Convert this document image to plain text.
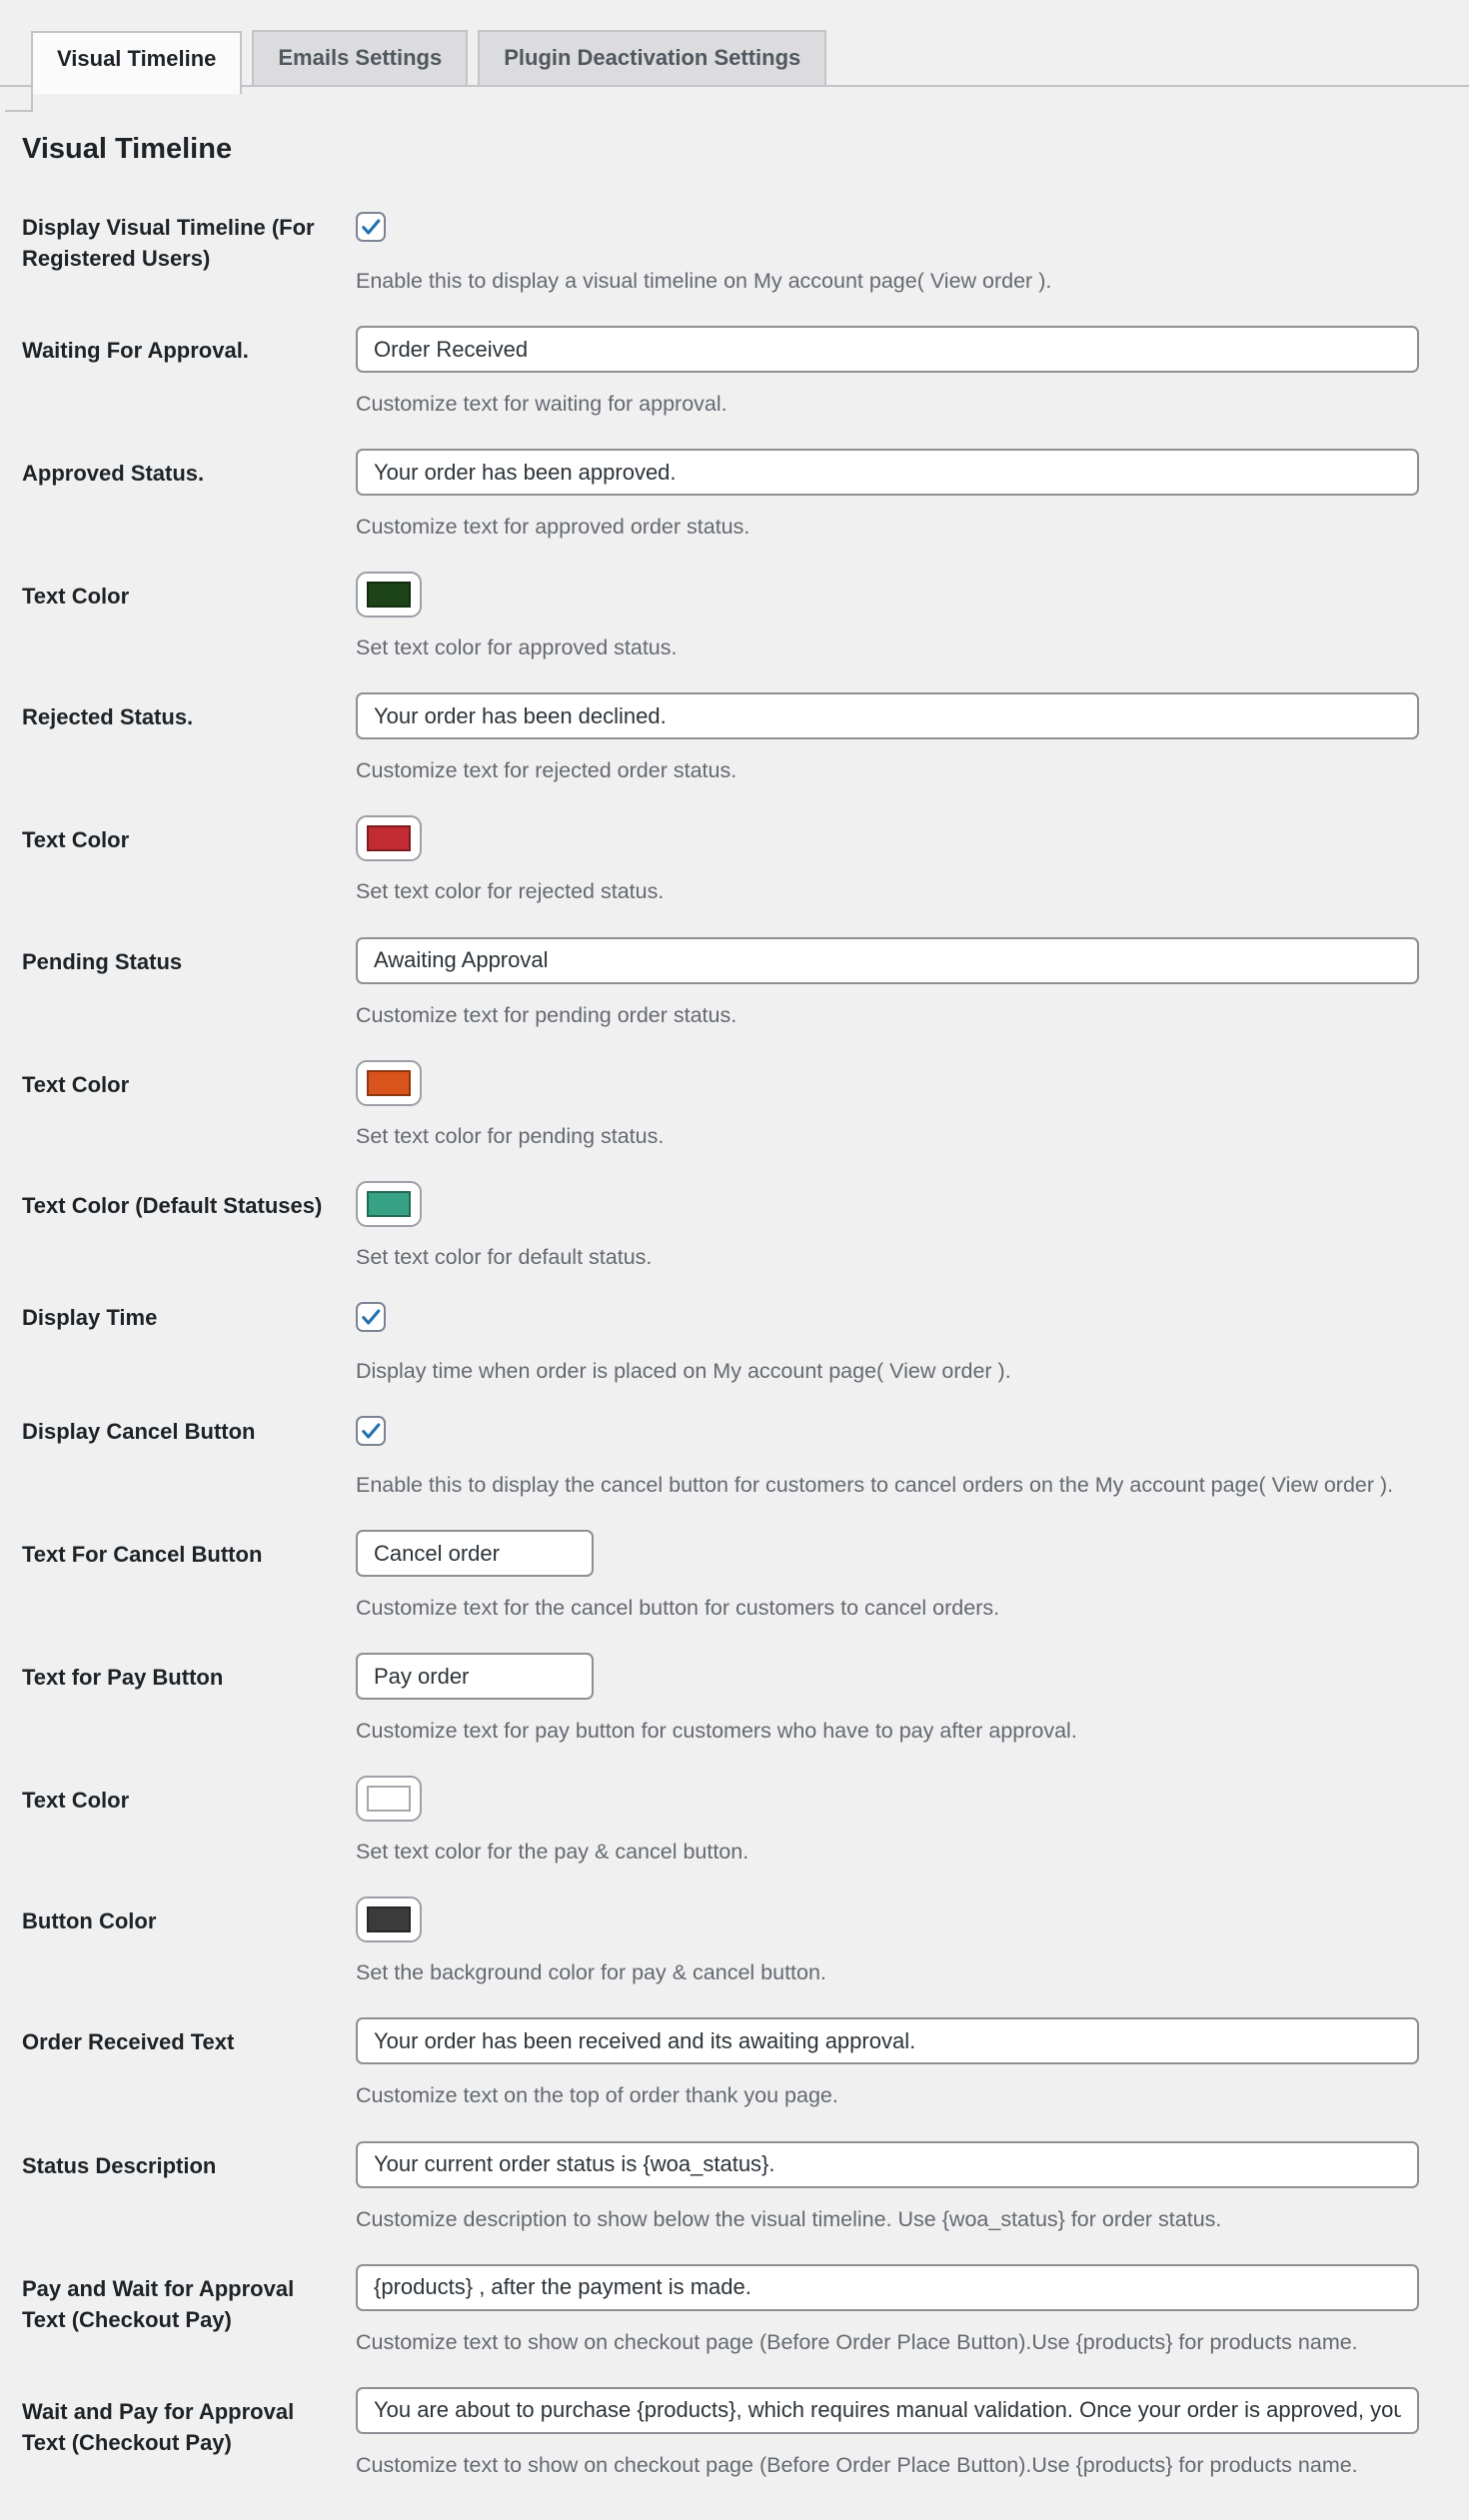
Visual Timeline	Emails Settings	Plugin Deactivation Settings
Visual Timeline
Display Visual Timeline (For Registered Users)
Enable this to display a visual timeline on My account page( View order ).
Waiting For Approval.
Order Received
Customize text for waiting for approval.
Approved Status.
Your order has been approved.
Customize text for approved order status.
Text Color
Set text color for approved status.
Rejected Status.
Your order has been declined.
Customize text for rejected order status.
Text Color
Set text color for rejected status.
Pending Status
Awaiting Approval
Customize text for pending order status.
Text Color
Set text color for pending status.
Text Color (Default Statuses)
Set text color for default status.
Display Time
Display time when order is placed on My account page( View order ).
Display Cancel Button
Enable this to display the cancel button for customers to cancel orders on the My account page( View order ).
Text For Cancel Button
Cancel order
Customize text for the cancel button for customers to cancel orders.
Text for Pay Button
Pay order
Customize text for pay button for customers who have to pay after approval.
Text Color
Set text color for the pay & cancel button.
Button Color
Set the background color for pay & cancel button.
Order Received Text
Your order has been received and its awaiting approval.
Customize text on the top of order thank you page.
Status Description
Your current order status is {woa_status}.
Customize description to show below the visual timeline. Use {woa_status} for order status.
Pay and Wait for Approval Text (Checkout Pay)
{products} , after the payment is made.
Customize text to show on checkout page (Before Order Place Button).Use {products} for products name.
Wait and Pay for Approval Text (Checkout Pay)
You are about to purchase {products}, which requires manual validation. Once your order is approved, you wil
Customize text to show on checkout page (Before Order Place Button).Use {products} for products name.
